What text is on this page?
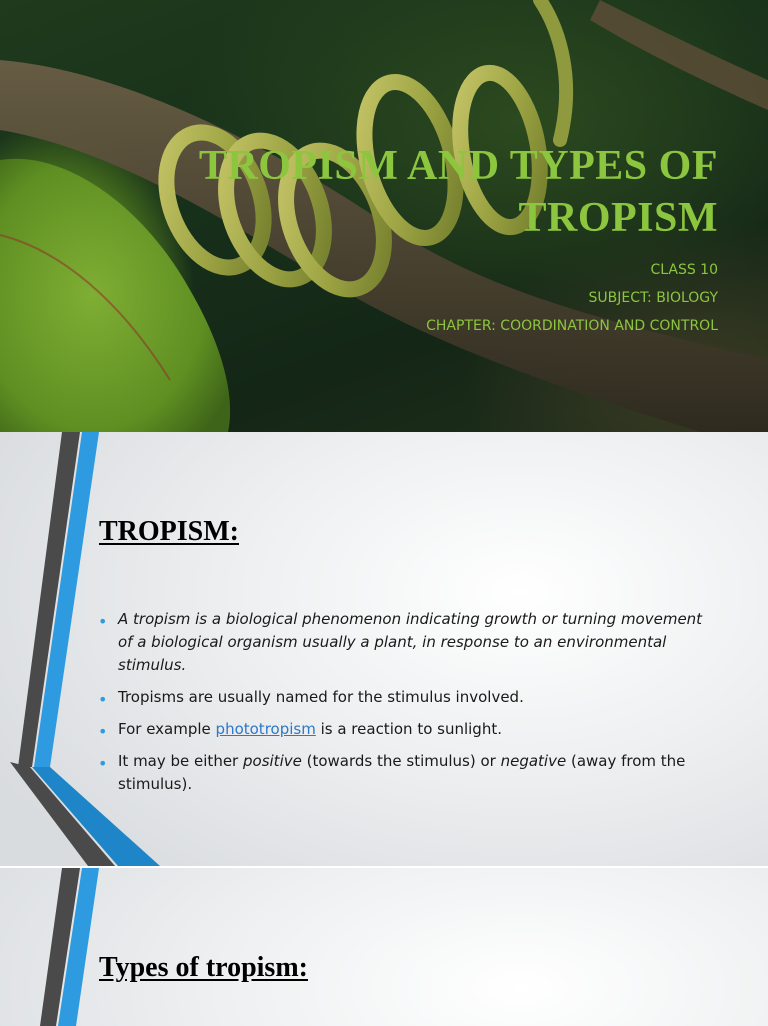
TROPISM AND TYPES OF
TROPISM
CLASS 10
SUBJECT: BIOLOGY
CHAPTER: COORDINATION AND CONTROL
TROPISM:
• A tropism is a biological phenomenon indicating growth or turning movement of a biological organism usually a plant, in response to an environmental stimulus.
• Tropisms are usually named for the stimulus involved.
• For example phototropism is a reaction to sunlight.
• It may be either positive (towards the stimulus) or negative (away from the stimulus).
Types of tropism:
